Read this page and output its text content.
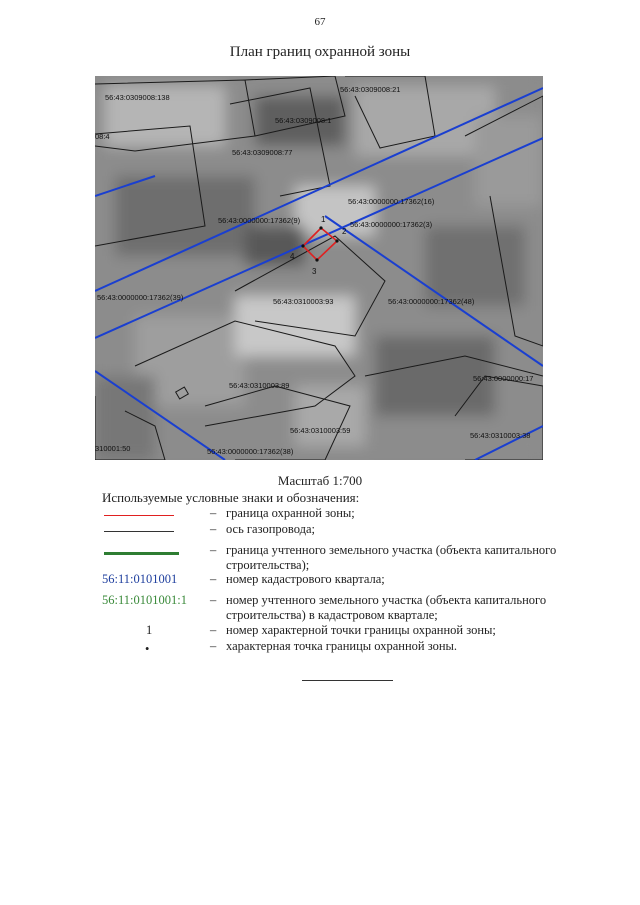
67
План границ охранной зоны
1
2
3
4
56:43:0309008:138
56:43:0309008:21
08:4
56:43:0309008:1
56:43:0309008:77
56:43:0000000:17362(16)
56:43:0000000:17362(9)	56:43:0000000:17362(3)
56:43:0000000:17362(39)	56:43:0310003:93	56:43:0000000:17362(48)
56:43:0310003:89
56:43:0000000:17
56:43:0310003:59
56:43:0310003:38
310001:50	56:43:0000000:17362(38)
Масштаб 1:700
Используемые условные знаки и обозначения:
– граница охранной зоны;
– ось газопровода;
– граница учтенного земельного участка (объекта капитального строительства);
56:11:0101001	– номер кадастрового квартала;
56:11:0101001:1	– номер учтенного земельного участка (объекта капитального строительства) в кадастровом квартале;
1	– номер характерной точки границы охранной зоны;
•	– характерная точка границы охранной зоны.
